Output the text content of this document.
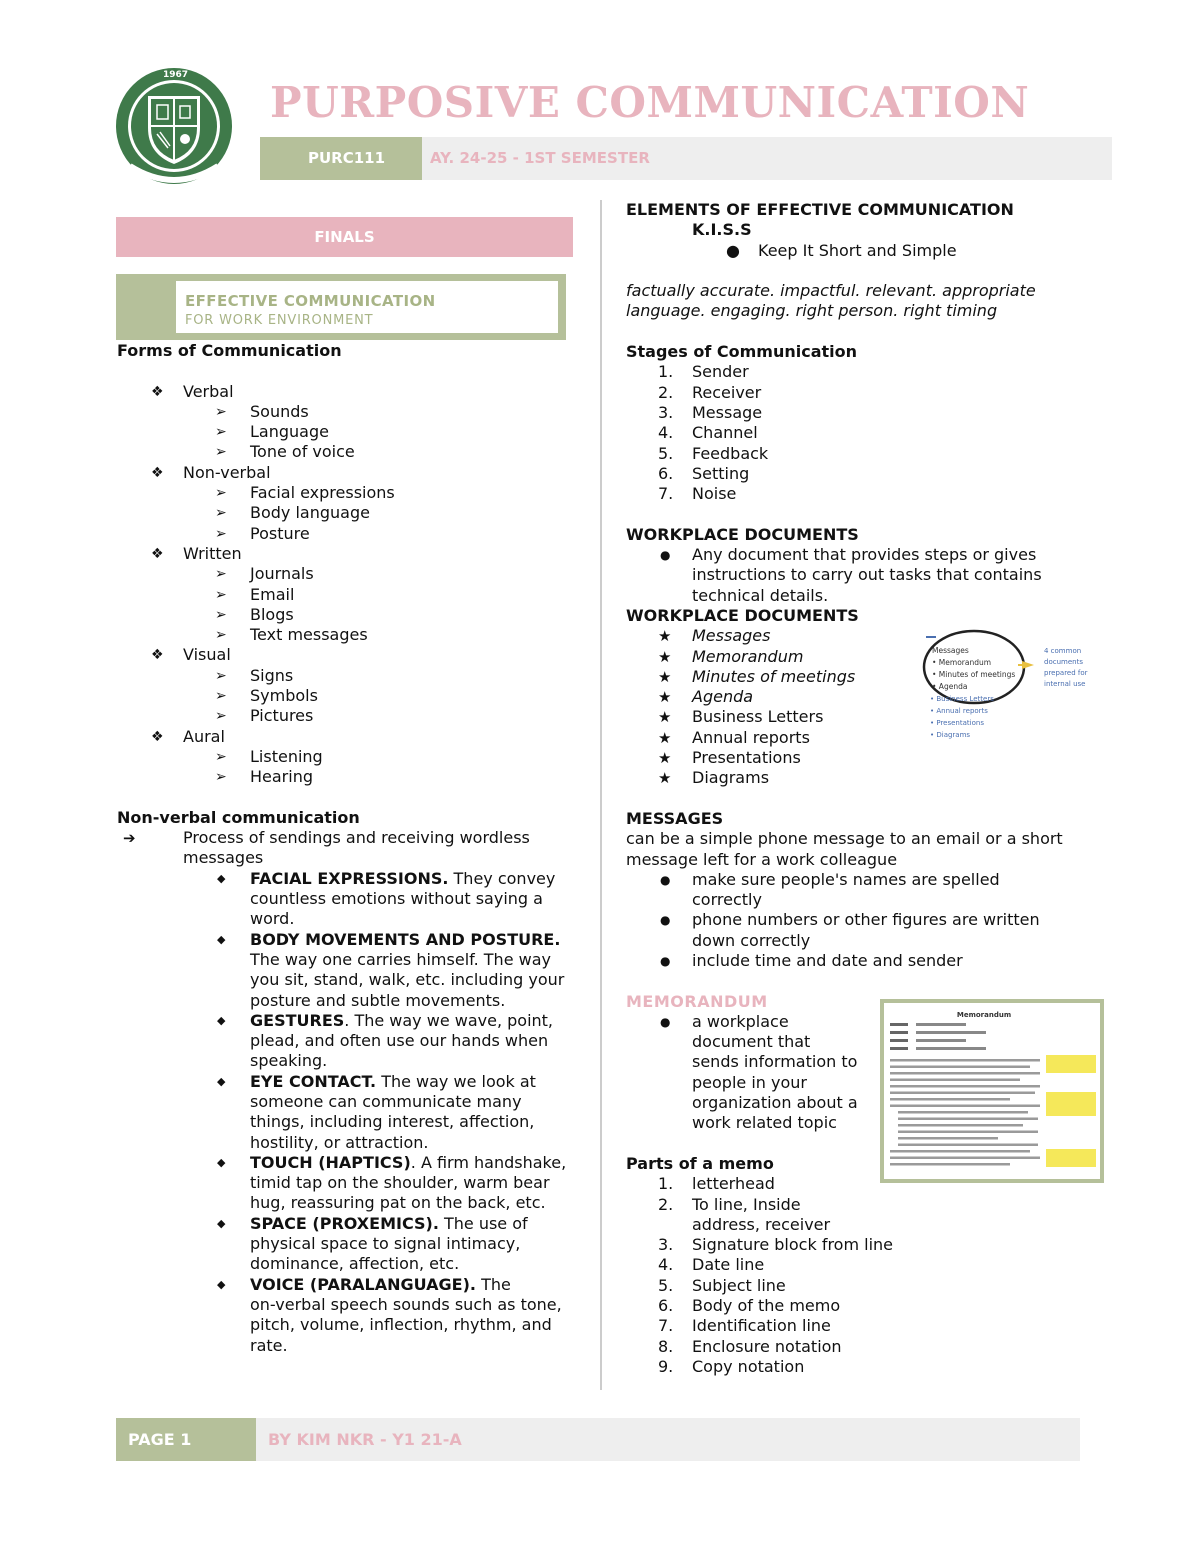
1967
PURPOSIVE COMMUNICATION
PURC111	AY. 24-25 - 1ST SEMESTER
FINALS
EFFECTIVE COMMUNICATION
FOR WORK ENVIRONMENT
Forms of Communication
❖ Verbal
➢ Sounds
➢ Language
➢ Tone of voice
❖ Non-verbal
➢ Facial expressions
➢ Body language
➢ Posture
❖ Written
➢ Journals
➢ Email
➢ Blogs
➢ Text messages
❖ Visual
➢ Signs
➢ Symbols
➢ Pictures
❖ Aural
➢ Listening
➢ Hearing
Non-verbal communication
➔	Process of sendings and receiving wordless
messages
◆ FACIAL EXPRESSIONS. They convey
countless emotions without saying a
word.
◆ BODY MOVEMENTS AND POSTURE.
The way one carries himself. The way
you sit, stand, walk, etc. including your
posture and subtle movements.
◆ GESTURES. The way we wave, point,
plead, and often use our hands when
speaking.
◆ EYE CONTACT. The way we look at
someone can communicate many
things, including interest, affection,
hostility, or attraction.
◆ TOUCH (HAPTICS). A firm handshake,
timid tap on the shoulder, warm bear
hug, reassuring pat on the back, etc.
◆ SPACE (PROXEMICS). The use of
physical space to signal intimacy,
dominance, affection, etc.
◆ VOICE (PARALANGUAGE). The
on-verbal speech sounds such as tone,
pitch, volume, inflection, rhythm, and
rate.
ELEMENTS OF EFFECTIVE COMMUNICATION
K.I.S.S
● Keep It Short and Simple
factually accurate. impactful. relevant. appropriate
language. engaging. right person. right timing
Stages of Communication
1. Sender
2. Receiver
3. Message
4. Channel
5. Feedback
6. Setting
7. Noise
WORKPLACE DOCUMENTS
● Any document that provides steps or gives
instructions to carry out tasks that contains
technical details.
WORKPLACE DOCUMENTS
★ Messages
★ Memorandum
★ Minutes of meetings
★ Agenda
★ Business Letters
★ Annual reports
★ Presentations
★ Diagrams
MESSAGES
can be a simple phone message to an email or a short
message left for a work colleague
● make sure people's names are spelled
correctly
● phone numbers or other figures are written
down correctly
● include time and date and sender
MEMORANDUM
● a workplace
document that
sends information to
people in your
organization about a
work related topic
Parts of a memo
1. letterhead
2. To line, Inside
address, receiver
3. Signature block from line
4. Date line
5. Subject line
6. Body of the memo
7. Identification line
8. Enclosure notation
9. Copy notation
Messages
• Memorandum
• Minutes of meetings
• Agenda
• Business Letters
• Annual reports
• Presentations
• Diagrams
4 common
documents
prepared for
internal use
Memorandum
PAGE 1	BY KIM NKR - Y1 21-A
